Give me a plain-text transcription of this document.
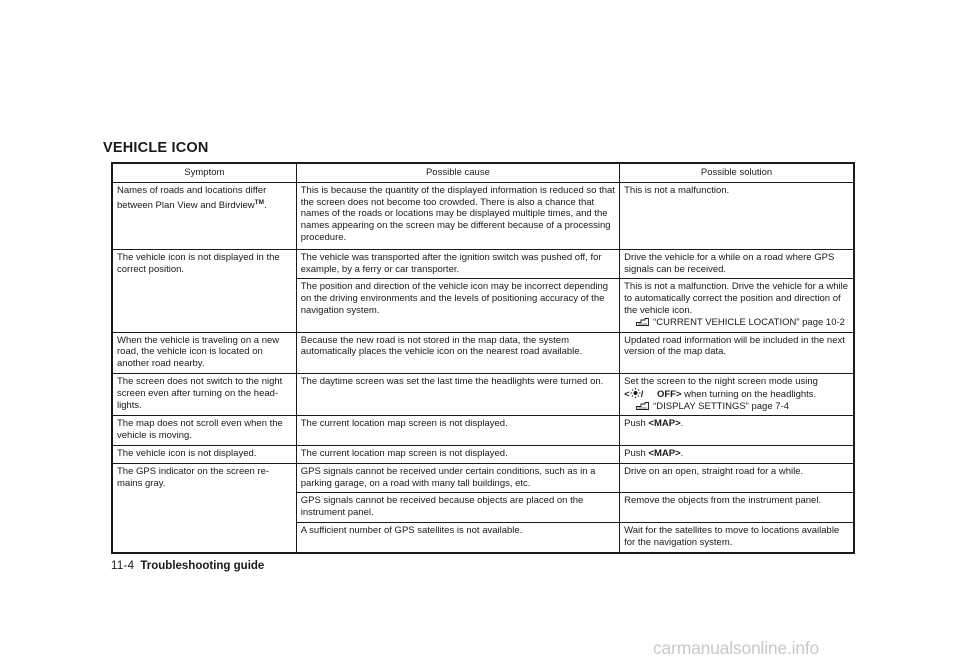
VEHICLE ICON
Symptom	Possible cause	Possible solution
Names of roads and locations differ between Plan View and Birdview™.	This is because the quantity of the displayed information is reduced so that the screen does not become too crowded. There is also a chance that names of the roads or locations may be displayed multiple times, and the names appearing on the screen may be different because of a processing procedure.	This is not a malfunction.
The vehicle icon is not displayed in the correct position.	The vehicle was transported after the ignition switch was pushed off, for example, by a ferry or car transporter.	Drive the vehicle for a while on a road where GPS signals can be received.
	The position and direction of the vehicle icon may be incorrect depending on the driving environments and the levels of positioning accuracy of the navigation system.	This is not a malfunction. Drive the vehicle for a while to automatically correct the position and direction of the vehicle icon.
“CURRENT VEHICLE LOCATION” page 10-2

When the vehicle is traveling on a new road, the vehicle icon is located on another road nearby.	Because the new road is not stored in the map data, the system automatically places the vehicle icon on the nearest road available.	Updated road information will be included in the next version of the map data.
The screen does not switch to the night screen even after turning on the head-lights.	The daytime screen was set the last time the headlights were turned on.	Set the screen to the night screen mode using
< / OFF> when turning on the headlights.
“DISPLAY SETTINGS” page 7-4

The map does not scroll even when the vehicle is moving.	The current location map screen is not displayed.	Push <MAP>.
The vehicle icon is not displayed.	The current location map screen is not displayed.	Push <MAP>.
The GPS indicator on the screen re-mains gray.	GPS signals cannot be received under certain conditions, such as in a parking garage, on a road with many tall buildings, etc.	Drive on an open, straight road for a while.
	GPS signals cannot be received because objects are placed on the instrument panel.	Remove the objects from the instrument panel.
	A sufficient number of GPS satellites is not available.	Wait for the satellites to move to locations available for the navigation system.
11-4 Troubleshooting guide
carmanualsonline.info
